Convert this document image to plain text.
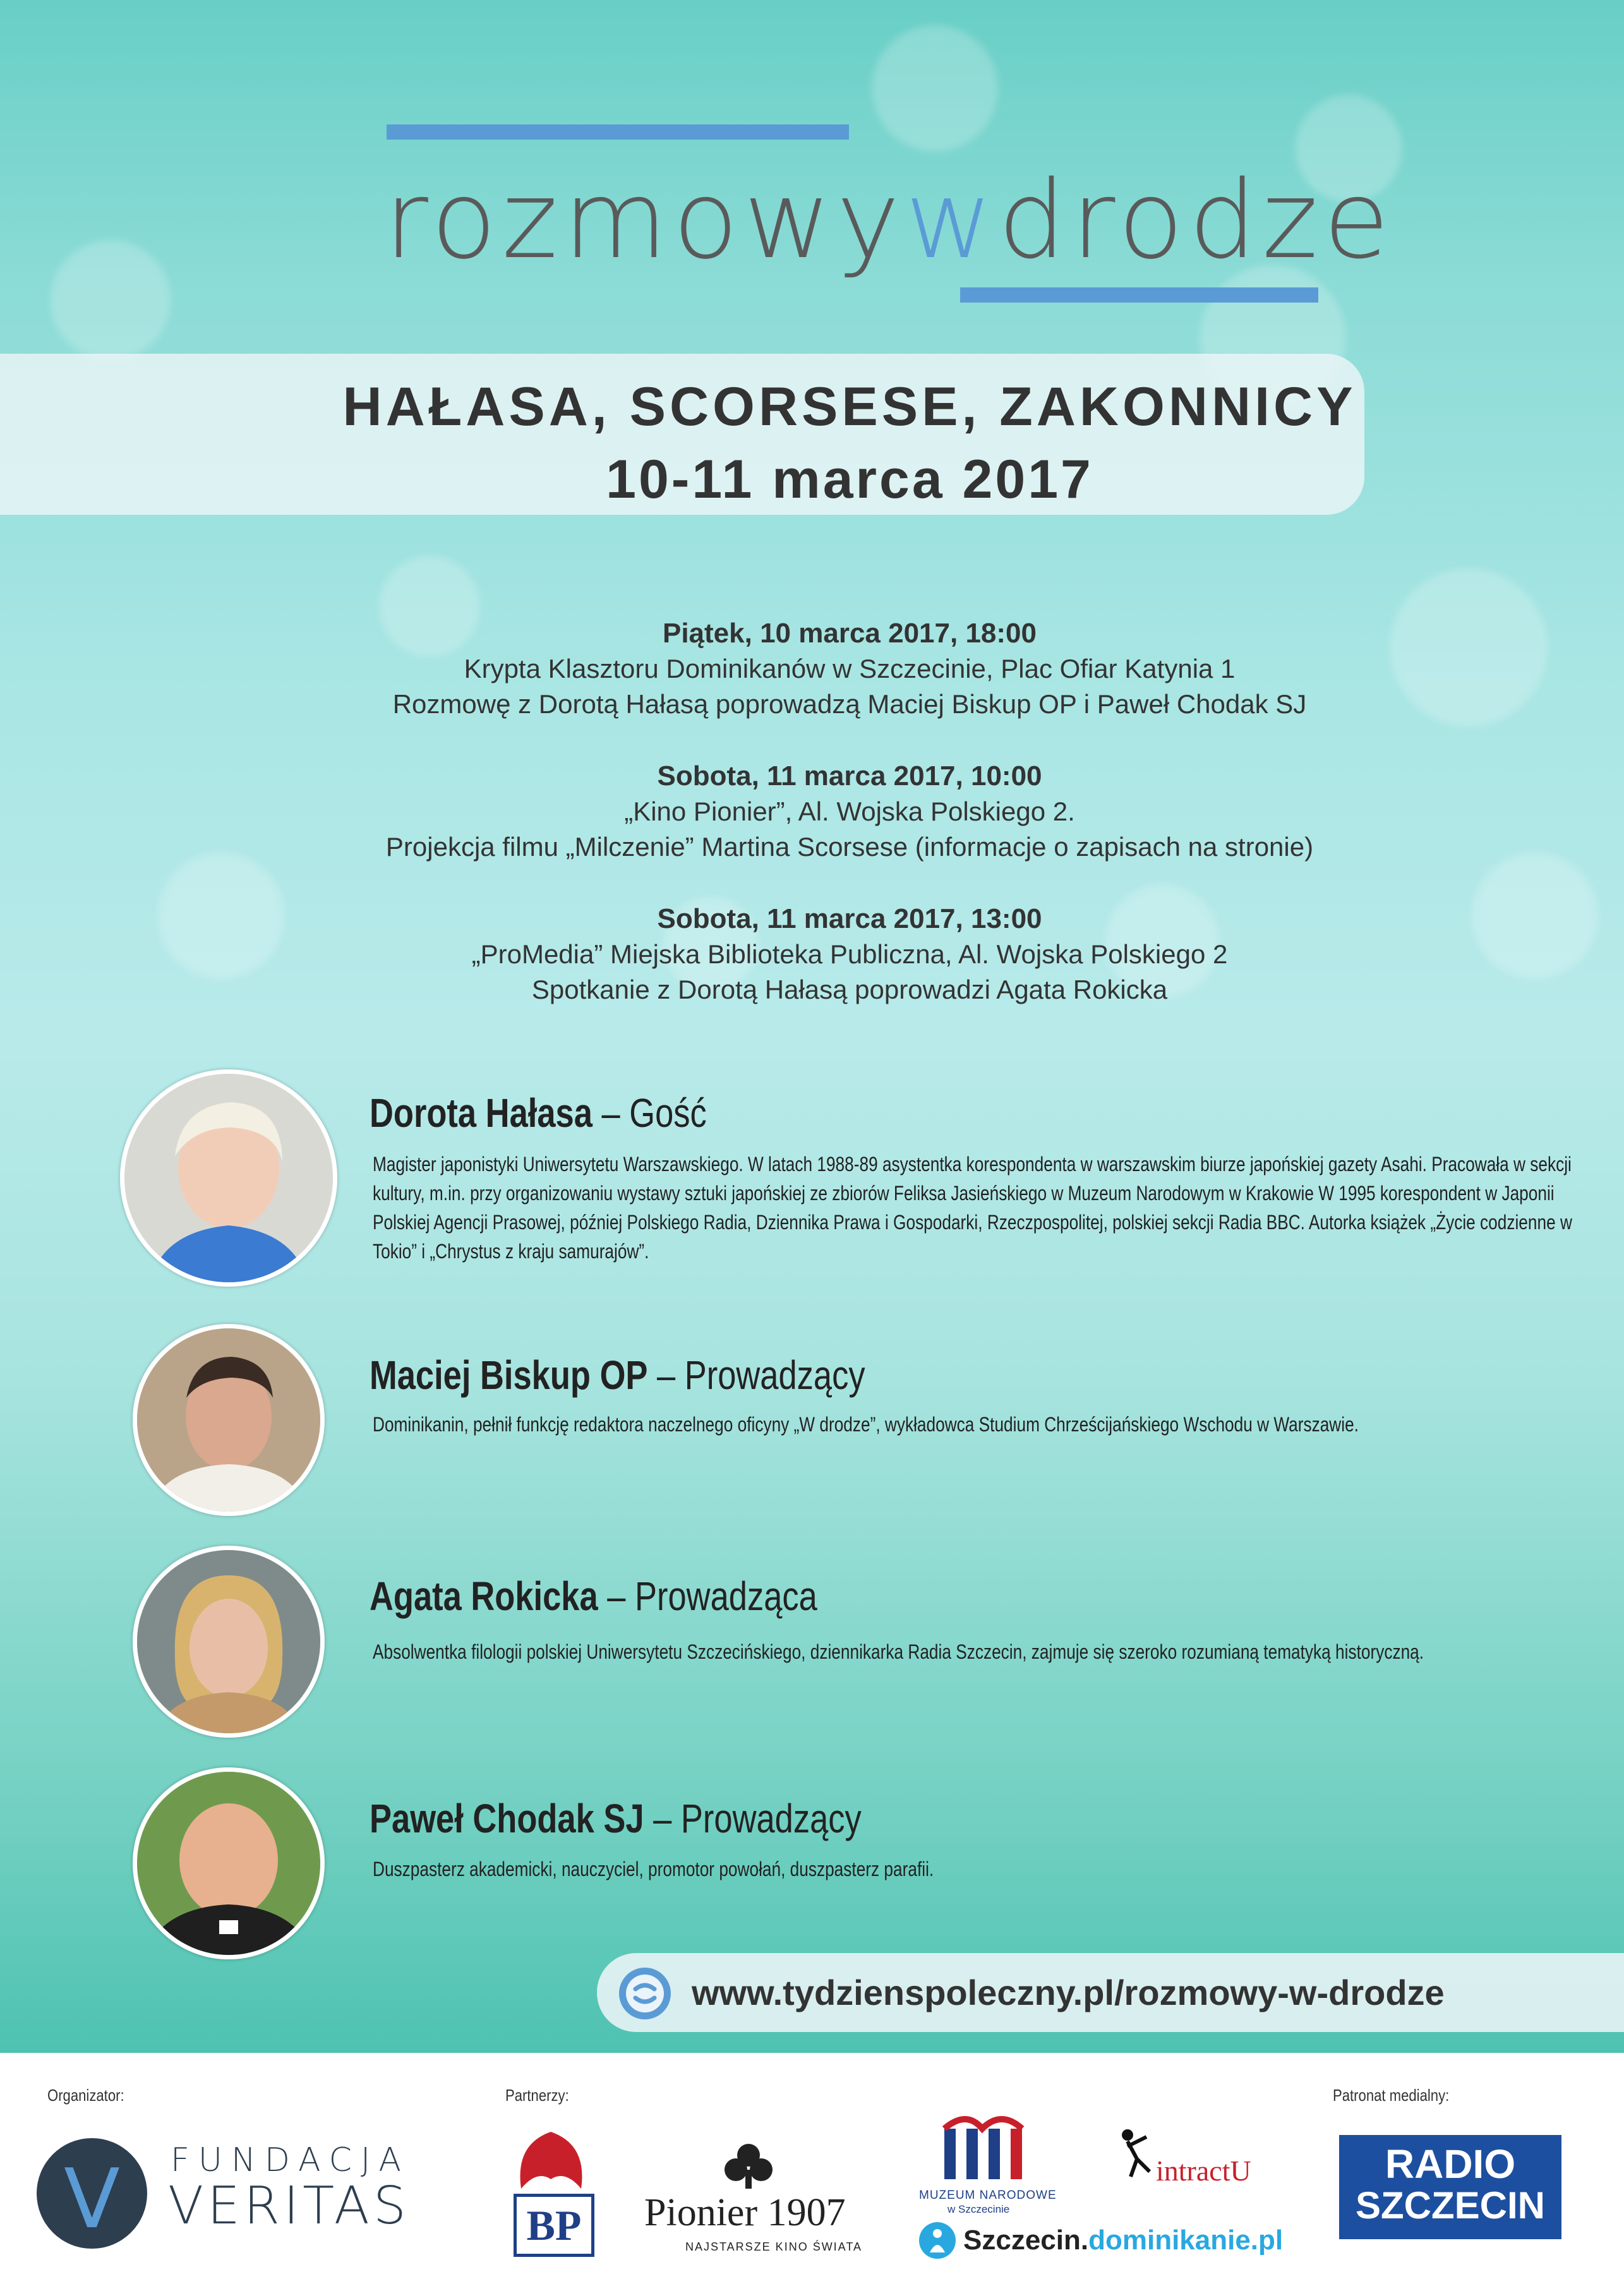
rozmowywdrodze
HAŁASA, SCORSESE, ZAKONNICY
10-11 marca 2017
Piątek, 10 marca 2017, 18:00
Krypta Klasztoru Dominikanów w Szczecinie, Plac Ofiar Katynia 1
Rozmowę z Dorotą Hałasą poprowadzą Maciej Biskup OP i Paweł Chodak SJ
Sobota, 11 marca 2017, 10:00
„Kino Pionier”, Al. Wojska Polskiego 2.
Projekcja filmu „Milczenie” Martina Scorsese (informacje o zapisach na stronie)
Sobota, 11 marca 2017, 13:00
„ProMedia” Miejska Biblioteka Publiczna, Al. Wojska Polskiego 2
Spotkanie z Dorotą Hałasą poprowadzi Agata Rokicka
Dorota Hałasa – Gość
Magister japonistyki Uniwersytetu Warszawskiego. W latach 1988-89 asystentka korespondenta w warszawskim biurze japońskiej gazety Asahi. Pracowała w sekcji kultury, m.in. przy organizowaniu wystawy sztuki japońskiej ze zbiorów Feliksa Jasieńskiego w Muzeum Narodowym w Krakowie W 1995 korespondent w Japonii Polskiej Agencji Prasowej, później Polskiego Radia, Dziennika Prawa i Gospodarki, Rzeczpospolitej, polskiej sekcji Radia BBC. Autorka książek „Życie codzienne w Tokio” i „Chrystus z kraju samurajów”.
Maciej Biskup OP – Prowadzący
Dominikanin, pełnił funkcję redaktora naczelnego oficyny „W drodze”, wykładowca Studium Chrześcijańskiego Wschodu w Warszawie.
Agata Rokicka – Prowadząca
Absolwentka filologii polskiej Uniwersytetu Szczecińskiego, dziennikarka Radia Szczecin, zajmuje się szeroko rozumianą tematyką historyczną.
Paweł Chodak SJ – Prowadzący
Duszpasterz akademicki, nauczyciel, promotor powołań, duszpasterz parafii.
www.tydzienspoleczny.pl/rozmowy-w-drodze
Organizator:	Partnerzy:	Patronat medialny:
V	FUNDACJA
VERITAS	BP	Pionier 1907
NAJSTARSZE KINO ŚWIATA
MUZEUM NARODOWE
w Szczecinie
intractU
Szczecin.dominikanie.pl
RADIO
SZCZECIN
